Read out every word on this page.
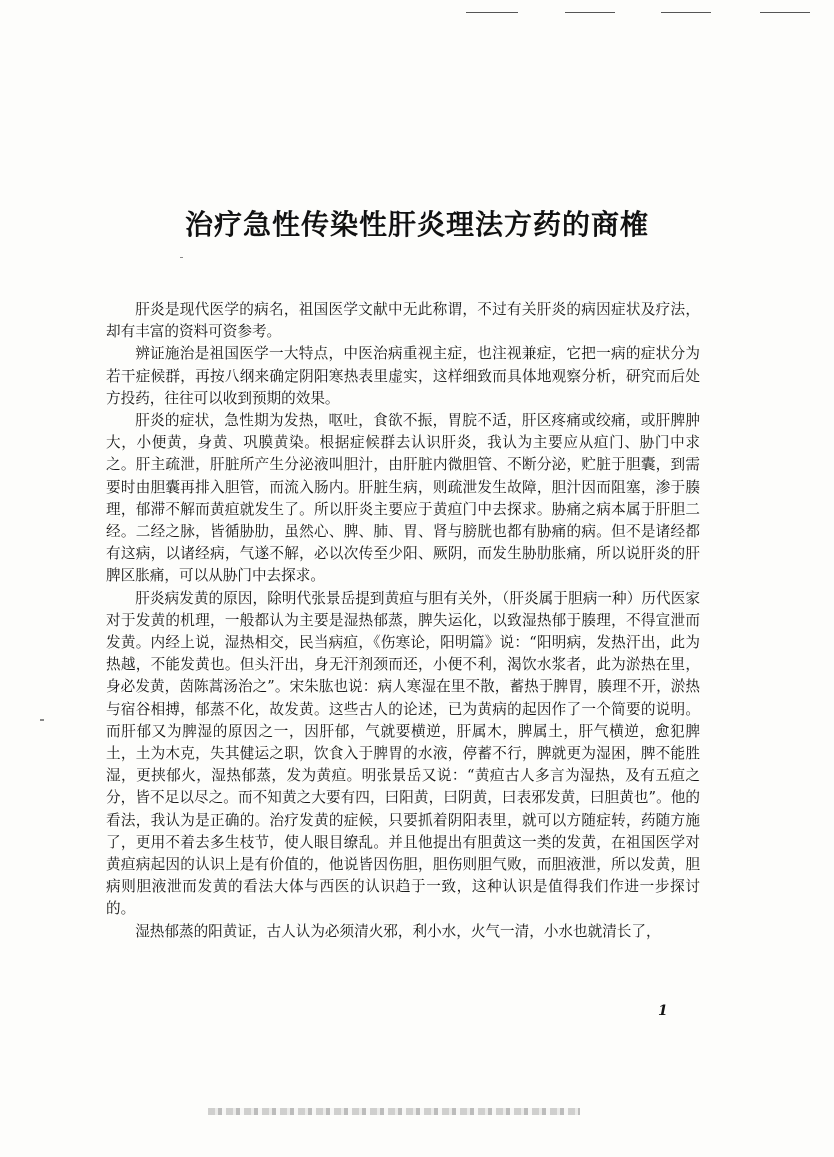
治疗急性传染性肝炎理法方药的商榷

肝炎是现代医学的病名，祖国医学文献中无此称谓，不过有关肝炎的病因症状及疗法，却有丰富的资料可资参考。

辨证施治是祖国医学一大特点，中医治病重视主症，也注视兼症，它把一病的症状分为若干症候群，再按八纲来确定阴阳寒热表里虚实，这样细致而具体地观察分析，研究而后处方投药，往往可以收到预期的效果。

肝炎的症状，急性期为发热，呕吐，食欲不振，胃脘不适，肝区疼痛或绞痛，或肝脾肿大，小便黄，身黄、巩膜黄染。根据症候群去认识肝炎，我认为主要应从疸门、胁门中求之。肝主疏泄，肝脏所产生分泌液叫胆汁，由肝脏内微胆管、不断分泌，贮脏于胆囊，到需要时由胆囊再排入胆管，而流入肠内。肝脏生病，则疏泄发生故障，胆汁因而阻塞，渗于腠理，郁滞不解而黄疸就发生了。所以肝炎主要应于黄疸门中去探求。胁痛之病本属于肝胆二经。二经之脉，皆循胁肋，虽然心、脾、肺、胃、肾与膀胱也都有胁痛的病。但不是诸经都有这病，以诸经病，气遂不解，必以次传至少阳、厥阴，而发生胁肋胀痛，所以说肝炎的肝脾区胀痛，可以从胁门中去探求。

肝炎病发黄的原因，除明代张景岳提到黄疸与胆有关外，（肝炎属于胆病一种）历代医家对于发黄的机理，一般都认为主要是湿热郁蒸，脾失运化，以致湿热郁于腠理，不得宣泄而发黄。内经上说，湿热相交，民当病疸，《伤寒论，阳明篇》说：“阳明病，发热汗出，此为热越，不能发黄也。但头汗出，身无汗剂颈而还，小便不利，渴饮水浆者，此为淤热在里，身必发黄，茵陈蒿汤治之”。宋朱肱也说：病人寒湿在里不散，蓄热于脾胃，腠理不开，淤热与宿谷相搏，郁蒸不化，故发黄。这些古人的论述，已为黄病的起因作了一个简要的说明。而肝郁又为脾湿的原因之一，因肝郁，气就要横逆，肝属木，脾属土，肝气横逆，愈犯脾土，土为木克，失其健运之职，饮食入于脾胃的水液，停蓄不行，脾就更为湿困，脾不能胜湿，更挟郁火，湿热郁蒸，发为黄疸。明张景岳又说：“黄疸古人多言为湿热，及有五疸之分，皆不足以尽之。而不知黄之大要有四，曰阳黄，曰阴黄，曰表邪发黄，曰胆黄也”。他的看法，我认为是正确的。治疗发黄的症候，只要抓着阴阳表里，就可以方随症转，药随方施了，更用不着去多生枝节，使人眼目缭乱。并且他提出有胆黄这一类的发黄，在祖国医学对黄疸病起因的认识上是有价值的，他说皆因伤胆，胆伤则胆气败，而胆液泄，所以发黄，胆病则胆液泄而发黄的看法大体与西医的认识趋于一致，这种认识是值得我们作进一步探讨的。

湿热郁蒸的阳黄证，古人认为必须清火邪，利小水，火气一清，小水也就清长了，

1
